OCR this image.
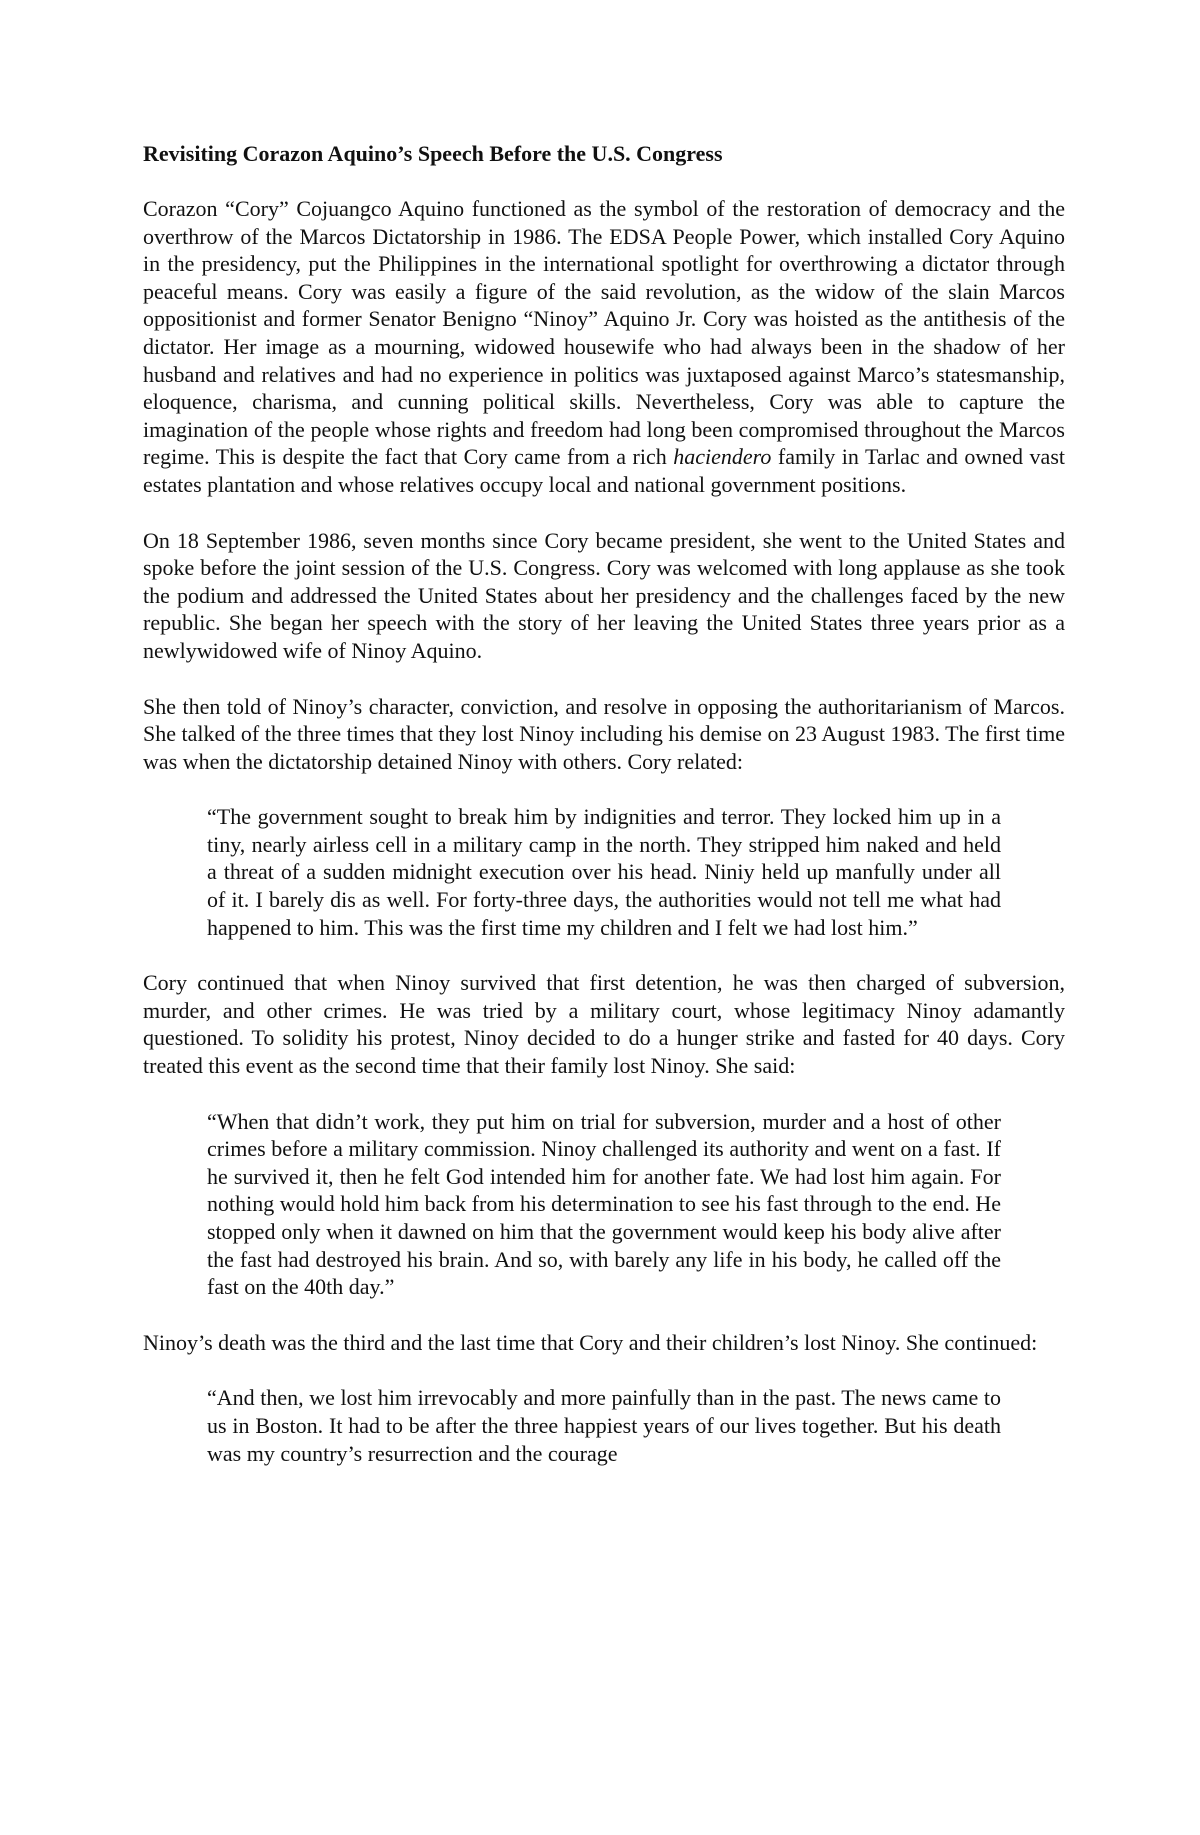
Revisiting Corazon Aquino’s Speech Before the U.S. Congress

Corazon “Cory” Cojuangco Aquino functioned as the symbol of the restoration of democracy and the overthrow of the Marcos Dictatorship in 1986. The EDSA People Power, which installed Cory Aquino in the presidency, put the Philippines in the international spotlight for overthrowing a dictator through peaceful means. Cory was easily a figure of the said revolution, as the widow of the slain Marcos oppositionist and former Senator Benigno “Ninoy” Aquino Jr. Cory was hoisted as the antithesis of the dictator. Her image as a mourning, widowed housewife who had always been in the shadow of her husband and relatives and had no experience in politics was juxtaposed against Marco’s statesmanship, eloquence, charisma, and cunning political skills. Nevertheless, Cory was able to capture the imagination of the people whose rights and freedom had long been compromised throughout the Marcos regime. This is despite the fact that Cory came from a rich haciendero family in Tarlac and owned vast estates plantation and whose relatives occupy local and national government positions.

On 18 September 1986, seven months since Cory became president, she went to the United States and spoke before the joint session of the U.S. Congress. Cory was welcomed with long applause as she took the podium and addressed the United States about her presidency and the challenges faced by the new republic. She began her speech with the story of her leaving the United States three years prior as a newlywidowed wife of Ninoy Aquino.

She then told of Ninoy’s character, conviction, and resolve in opposing the authoritarianism of Marcos. She talked of the three times that they lost Ninoy including his demise on 23 August 1983. The first time was when the dictatorship detained Ninoy with others. Cory related:

“The government sought to break him by indignities and terror. They locked him up in a tiny, nearly airless cell in a military camp in the north. They stripped him naked and held a threat of a sudden midnight execution over his head. Niniy held up manfully under all of it. I barely dis as well. For forty-three days, the authorities would not tell me what had happened to him. This was the first time my children and I felt we had lost him.”

Cory continued that when Ninoy survived that first detention, he was then charged of subversion, murder, and other crimes. He was tried by a military court, whose legitimacy Ninoy adamantly questioned. To solidity his protest, Ninoy decided to do a hunger strike and fasted for 40 days. Cory treated this event as the second time that their family lost Ninoy. She said:

“When that didn’t work, they put him on trial for subversion, murder and a host of other crimes before a military commission. Ninoy challenged its authority and went on a fast. If he survived it, then he felt God intended him for another fate. We had lost him again. For nothing would hold him back from his determination to see his fast through to the end. He stopped only when it dawned on him that the government would keep his body alive after the fast had destroyed his brain. And so, with barely any life in his body, he called off the fast on the 40th day.”

Ninoy’s death was the third and the last time that Cory and their children’s lost Ninoy. She continued:

“And then, we lost him irrevocably and more painfully than in the past. The news came to us in Boston. It had to be after the three happiest years of our lives together. But his death was my country’s resurrection and the courage
